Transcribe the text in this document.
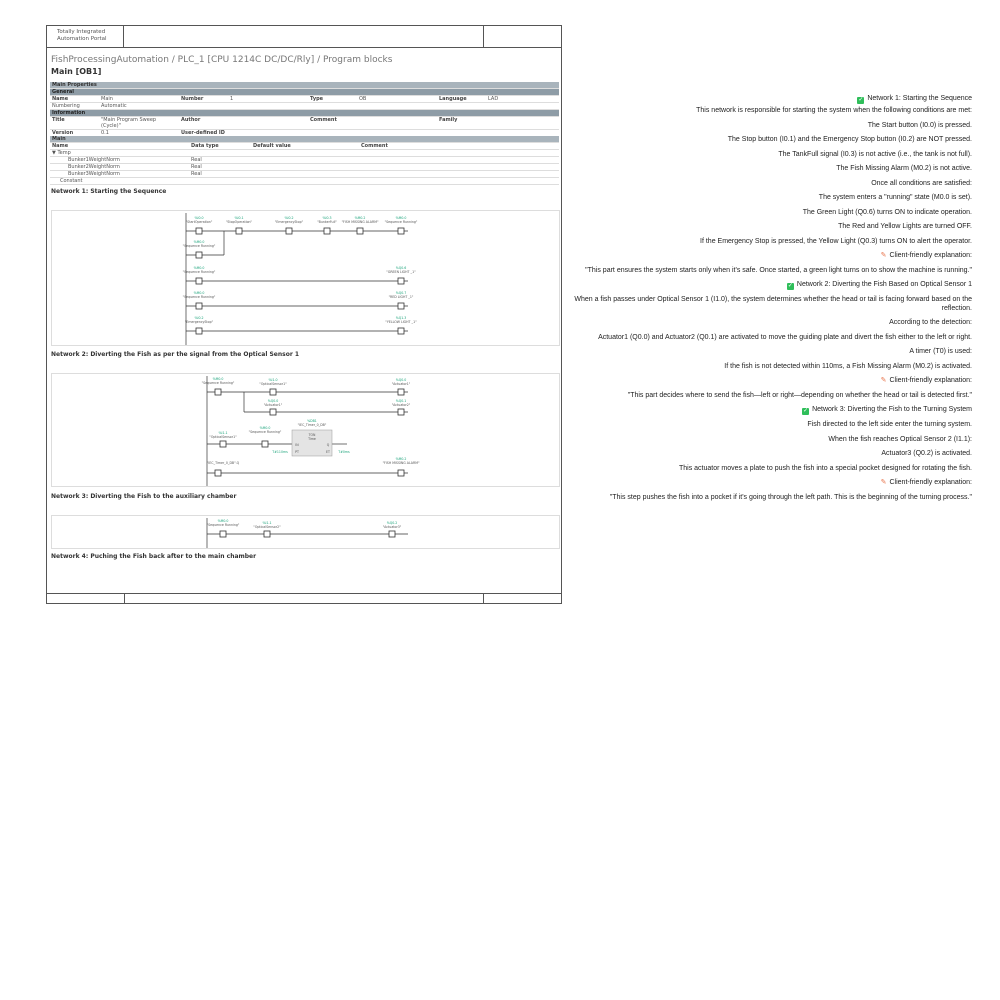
Totally Integrated
Automation Portal
FishProcessingAutomation / PLC_1 [CPU 1214C DC/DC/Rly] / Program blocks
Main [OB1]
Main Properties							
General							
Name	Main	Number	1	Type	OB	Language	LAD
Numbering	Automatic						
Information							
Title	"Main Program Sweep (Cycle)"	Author		Comment		Family	
Version	0.1	User-defined ID					
Main			
Name	Data type	Default value	Comment
▼ Temp			
Bunker1WeightNorm	Real		
Bunker2WeightNorm	Real		
Bunker3WeightNorm	Real		
Constant			
Network 1: Starting the Sequence
%I0.0
"StartOperation"
%I0.1
"StopOperation"
%I0.2
"EmergencyStop"
%I0.3
"BunkerFull"
%M0.2
"FISH MISSING ALARM"
%M0.0
"Sequence Running"
%M0.0
"Sequence Running"
%M0.0
"Sequence Running"
%Q0.6
"GREEN LIGHT _1"
%M0.0
"Sequence Running"
%Q0.7
"RED LIGHT _1"
%I0.2
"EmergencyStop"
%Q1.3
"YELLOW LIGHT _1"
Network 2: Diverting the Fish as per the signal from the Optical Sensor 1
%M0.0
"Sequence Running"
%I1.0
"OpticalSensor1"
%Q0.0
"Actuator1"
%Q0.0
"Actuator1"
%Q0.1
"Actuator2"
%I1.1
"OpticalSensor1"
%M0.0
"Sequence Running"
%DB1
"IEC_Timer_0_DB"
TON
Time
IN
PT
Q
ET
T#110ms	T#0ms
"IEC_Timer_0_DB".Q
%M0.2
"FISH MISSING ALARM"
Network 3: Diverting the Fish to the auxiliary chamber
%M0.0
"Sequence Running"	%I1.1
"OpticalSensor2"
%Q0.2
"Actuator3"
Network 4: Puching the Fish back after to the main chamber
✓ Network 1: Starting the Sequence
This network is responsible for starting the system when the following conditions are met:
The Start button (I0.0) is pressed.
The Stop button (I0.1) and the Emergency Stop button (I0.2) are NOT pressed.
The TankFull signal (I0.3) is not active (i.e., the tank is not full).
The Fish Missing Alarm (M0.2) is not active.
Once all conditions are satisfied:
The system enters a "running" state (M0.0 is set).
The Green Light (Q0.6) turns ON to indicate operation.
The Red and Yellow Lights are turned OFF.
If the Emergency Stop is pressed, the Yellow Light (Q0.3) turns ON to alert the operator.
✎ Client-friendly explanation:
"This part ensures the system starts only when it's safe. Once started, a green light turns on to show the machine is running."
✓ Network 2: Diverting the Fish Based on Optical Sensor 1
When a fish passes under Optical Sensor 1 (I1.0), the system determines whether the head or tail is facing forward based on the reflection.
According to the detection:
Actuator1 (Q0.0) and Actuator2 (Q0.1) are activated to move the guiding plate and divert the fish either to the left or right.
A timer (T0) is used:
If the fish is not detected within 110ms, a Fish Missing Alarm (M0.2) is activated.
✎ Client-friendly explanation:
"This part decides where to send the fish—left or right—depending on whether the head or tail is detected first."
✓ Network 3: Diverting the Fish to the Turning System
Fish directed to the left side enter the turning system.
When the fish reaches Optical Sensor 2 (I1.1):
Actuator3 (Q0.2) is activated.
This actuator moves a plate to push the fish into a special pocket designed for rotating the fish.
✎ Client-friendly explanation:
"This step pushes the fish into a pocket if it's going through the left path. This is the beginning of the turning process."
